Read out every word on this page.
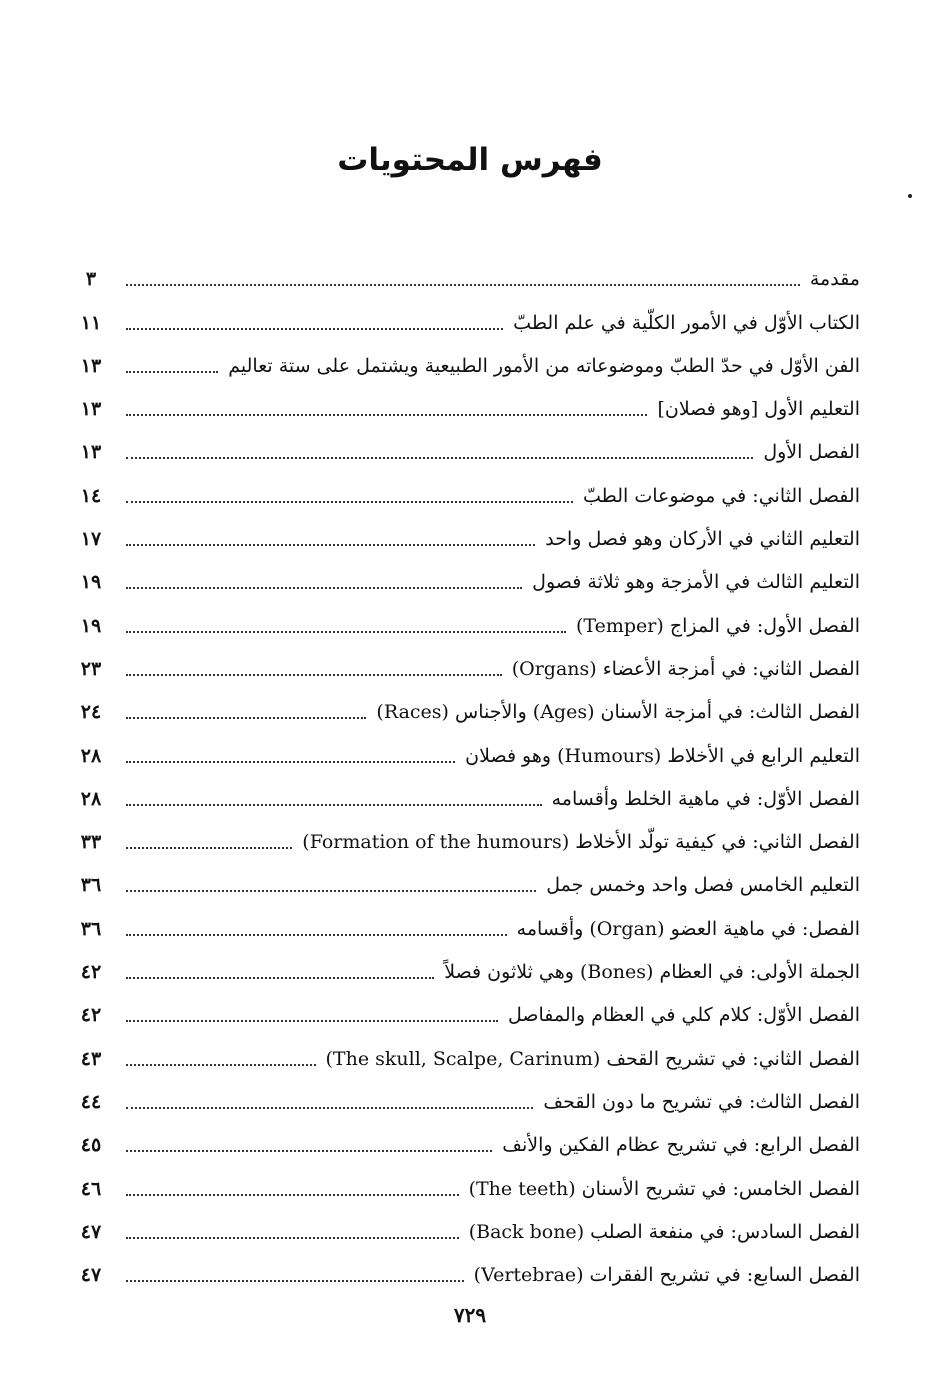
فهرس المحتويات
مقدمة
٣
الكتاب الأوّل في الأمور الكلّية في علم الطبّ
١١
الفن الأوّل في حدّ الطبّ وموضوعاته من الأمور الطبيعية ويشتمل على ستة تعاليم
١٣
التعليم الأول [وهو فصلان]
١٣
الفصل الأول
١٣
الفصل الثاني: في موضوعات الطبّ
١٤
التعليم الثاني في الأركان وهو فصل واحد
١٧
التعليم الثالث في الأمزجة وهو ثلاثة فصول
١٩
الفصل الأول: في المزاج (Temper)
١٩
الفصل الثاني: في أمزجة الأعضاء (Organs)
٢٣
الفصل الثالث: في أمزجة الأسنان (Ages) والأجناس (Races)
٢٤
التعليم الرابع في الأخلاط (Humours) وهو فصلان
٢٨
الفصل الأوّل: في ماهية الخلط وأقسامه
٢٨
الفصل الثاني: في كيفية تولّد الأخلاط (Formation of the humours)
٣٣
التعليم الخامس فصل واحد وخمس جمل
٣٦
الفصل: في ماهية العضو (Organ) وأقسامه
٣٦
الجملة الأولى: في العظام (Bones) وهي ثلاثون فصلاً
٤٢
الفصل الأوّل: كلام كلي في العظام والمفاصل
٤٢
الفصل الثاني: في تشريح القحف (The skull, Scalpe, Carinum)
٤٣
الفصل الثالث: في تشريح ما دون القحف
٤٤
الفصل الرابع: في تشريح عظام الفكين والأنف
٤٥
الفصل الخامس: في تشريح الأسنان (The teeth)
٤٦
الفصل السادس: في منفعة الصلب (Back bone)
٤٧
الفصل السابع: في تشريح الفقرات (Vertebrae)
٤٧
٧٢٩
